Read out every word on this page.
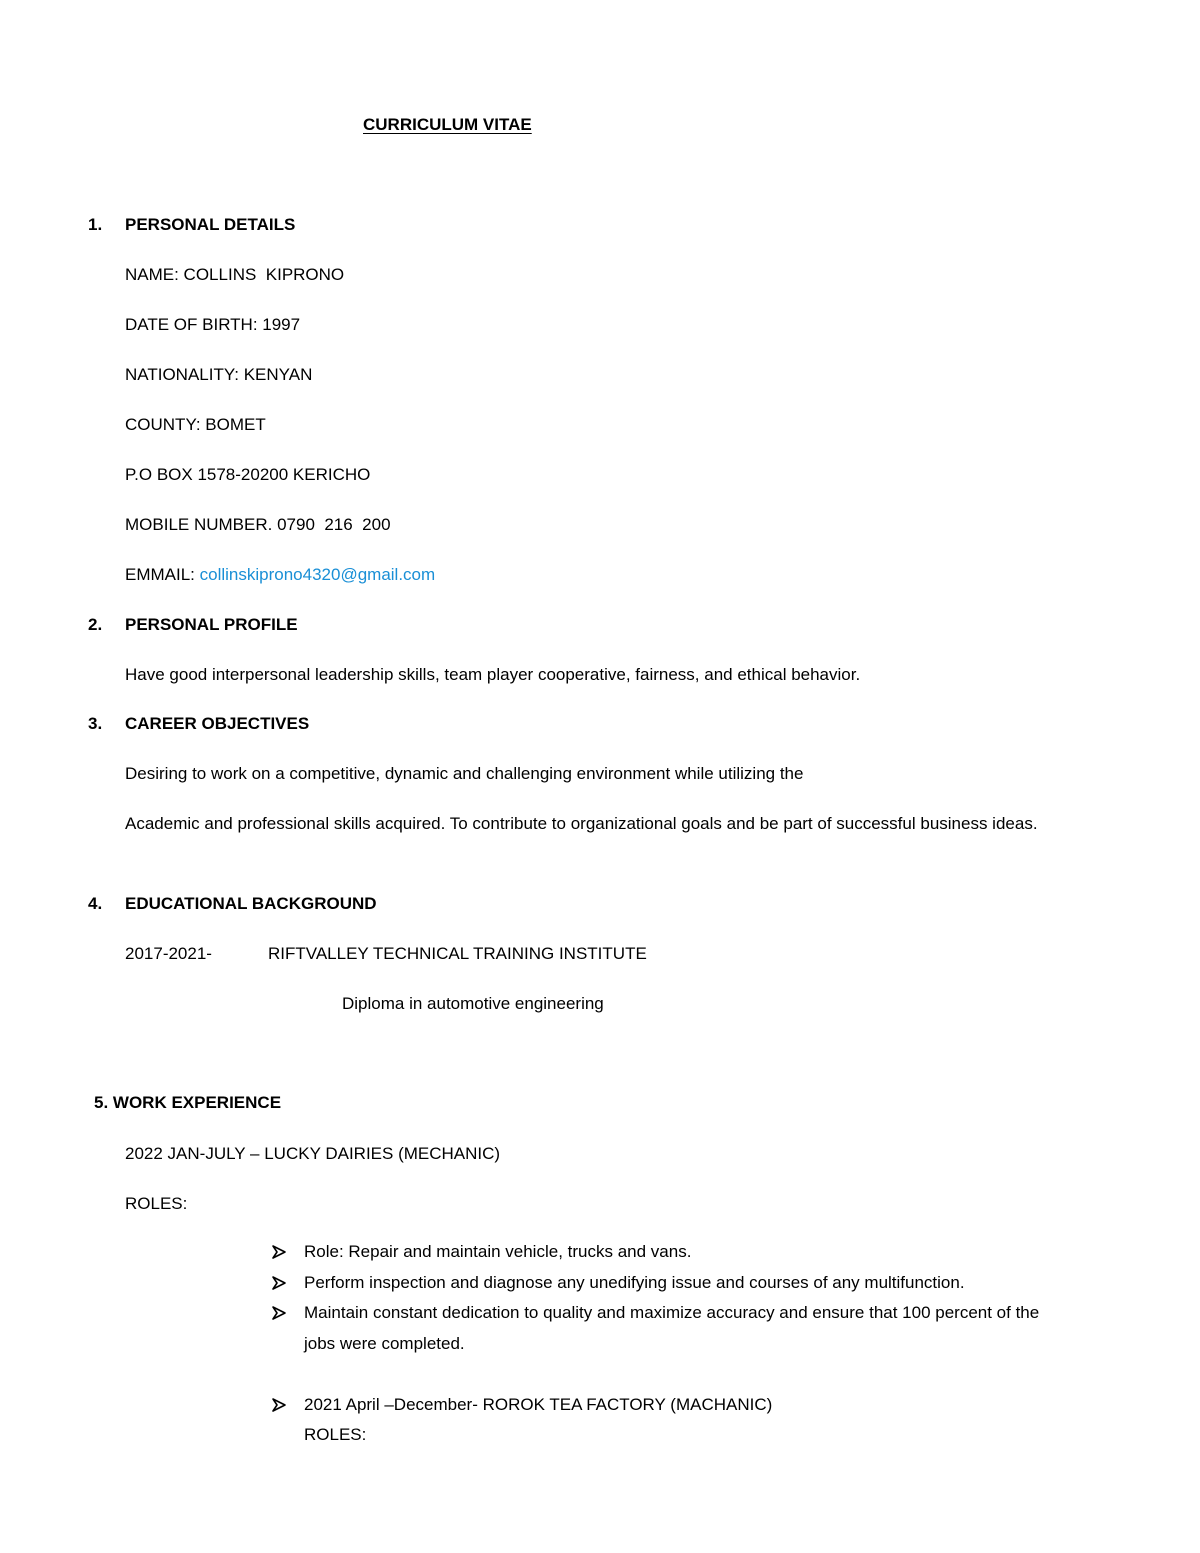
CURRICULUM VITAE
1.	PERSONAL DETAILS
NAME: COLLINS  KIPRONO
DATE OF BIRTH: 1997
NATIONALITY: KENYAN
COUNTY: BOMET
P.O BOX 1578-20200 KERICHO
MOBILE NUMBER. 0790  216  200
EMMAIL: collinskiprono4320@gmail.com
2.	PERSONAL PROFILE
Have good interpersonal leadership skills, team player cooperative, fairness, and ethical behavior.
3.	CAREER OBJECTIVES
Desiring to work on a competitive, dynamic and challenging environment while utilizing the
Academic and professional skills acquired. To contribute to organizational goals and be part of successful business ideas.
4.	EDUCATIONAL BACKGROUND
2017-2021-	RIFTVALLEY TECHNICAL TRAINING INSTITUTE
Diploma in automotive engineering
5. WORK EXPERIENCE
2022 JAN-JULY – LUCKY DAIRIES (MECHANIC)
ROLES:
Role: Repair and maintain vehicle, trucks and vans.
Perform inspection and diagnose any unedifying issue and courses of any multifunction.
Maintain constant dedication to quality and maximize accuracy and ensure that 100 percent of the jobs were completed.
2021 April –December- ROROK TEA FACTORY (MACHANIC)
ROLES:
